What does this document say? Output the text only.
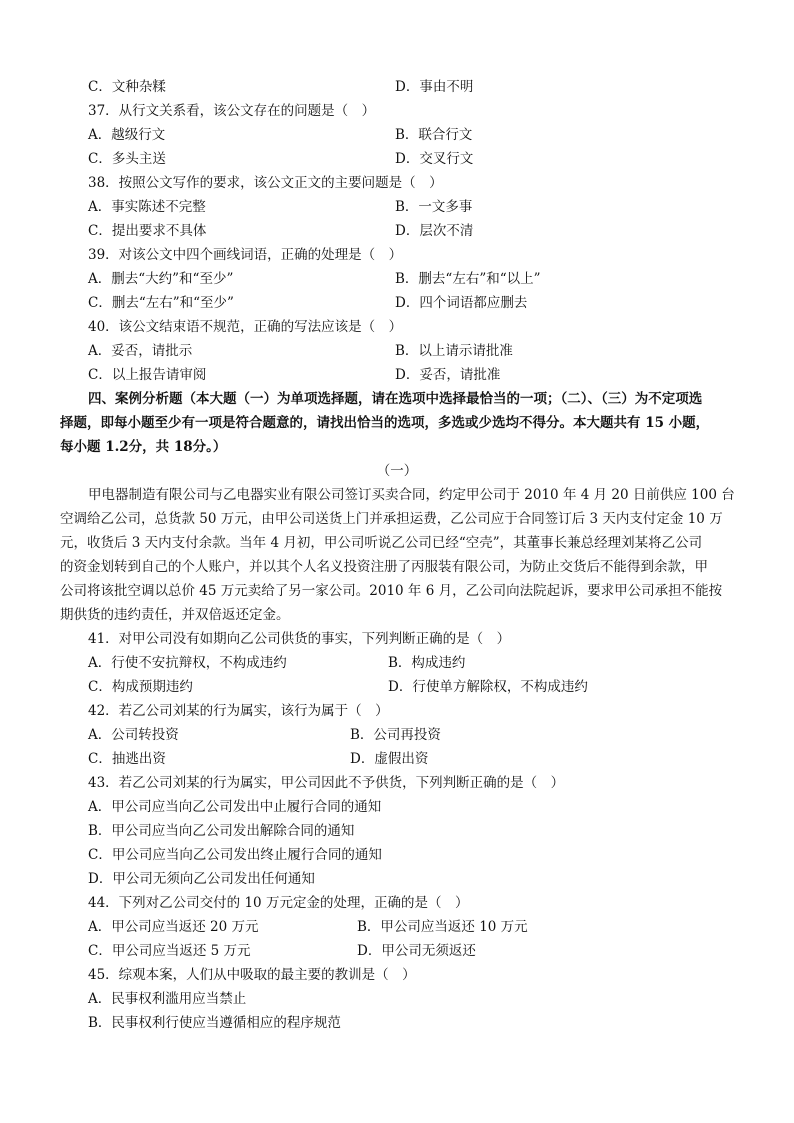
C．文种杂糅	D．事由不明
37．从行文关系看，该公文存在的问题是（　）
A．越级行文	B．联合行文
C．多头主送	D．交叉行文
38．按照公文写作的要求，该公文正文的主要问题是（　）
A．事实陈述不完整	B．一文多事
C．提出要求不具体	D．层次不清
39．对该公文中四个画线词语，正确的处理是（　）
A．删去“大约”和“至少”	B．删去“左右”和“以上”
C．删去“左右”和“至少”	D．四个词语都应删去
40．该公文结束语不规范，正确的写法应该是（　）
A．妥否，请批示	B．以上请示请批准
C．以上报告请审阅	D．妥否，请批准
四、案例分析题（本大题（一）为单项选择题，请在选项中选择最恰当的一项；（二）、（三）为不定项选
择题，即每小题至少有一项是符合题意的，请找出恰当的选项，多选或少选均不得分。本大题共有 15 小题，
每小题 1.2分，共 18分。）
（一）
甲电器制造有限公司与乙电器实业有限公司签订买卖合同，约定甲公司于 2010 年 4 月 20 日前供应 100 台
空调给乙公司，总货款 50 万元，由甲公司送货上门并承担运费，乙公司应于合同签订后 3 天内支付定金 10 万
元，收货后 3 天内支付余款。当年 4 月初，甲公司听说乙公司已经“空壳”，其董事长兼总经理刘某将乙公司
的资金划转到自己的个人账户，并以其个人名义投资注册了丙服装有限公司，为防止交货后不能得到余款，甲
公司将该批空调以总价 45 万元卖给了另一家公司。2010 年 6 月，乙公司向法院起诉，要求甲公司承担不能按
期供货的违约责任，并双倍返还定金。
41．对甲公司没有如期向乙公司供货的事实，下列判断正确的是（　）
A．行使不安抗辩权，不构成违约	B．构成违约
C．构成预期违约	D．行使单方解除权，不构成违约
42．若乙公司刘某的行为属实，该行为属于（　）
A．公司转投资	B．公司再投资
C．抽逃出资	D．虚假出资
43．若乙公司刘某的行为属实，甲公司因此不予供货，下列判断正确的是（　）
A．甲公司应当向乙公司发出中止履行合同的通知
B．甲公司应当向乙公司发出解除合同的通知
C．甲公司应当向乙公司发出终止履行合同的通知
D．甲公司无须向乙公司发出任何通知
44．下列对乙公司交付的 10 万元定金的处理，正确的是（　）
A．甲公司应当返还 20 万元	B．甲公司应当返还 10 万元
C．甲公司应当返还 5 万元	D．甲公司无须返还
45．综观本案，人们从中吸取的最主要的教训是（　）
A．民事权利滥用应当禁止
B．民事权利行使应当遵循相应的程序规范
